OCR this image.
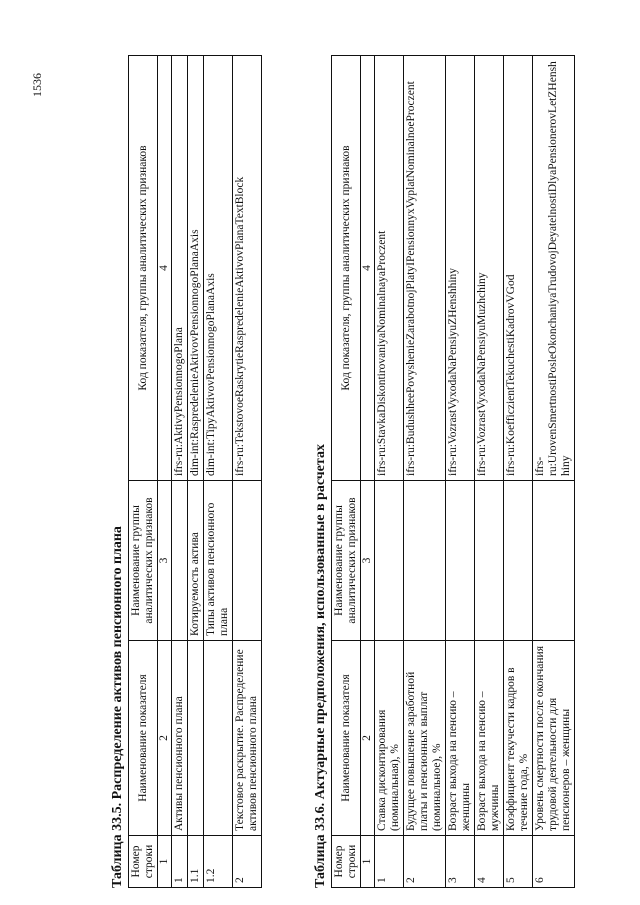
1536
Таблица 33.5. Распределение активов пенсионного плана Номер строки	Наименование показателя	Наименование группы аналитических признаков	Код показателя, группы аналитических признаков
1	2	3	4
1	Активы пенсионного плана		ifrs-ru:AktivyPensionnogoPlana
1.1		Котируемость актива	dim-int:RaspredelenieAktivovPensionnogoPlanaAxis
1.2		Типы активов пенсионного плана	dim-int:TipyAktivovPensionnogoPlanaAxis
2	Текстовое раскрытие. Распределение активов пенсионного плана		ifrs-ru:TekstovoeRaskrytieRaspredelenieAktivovPlanaTextBlock
Таблица 33.6. Актуарные предположения, использованные в расчетах Номер строки	Наименование показателя	Наименование группы аналитических признаков	Код показателя, группы аналитических признаков
1	2	3	4
1	Ставка дисконтирования (номинальная), %		ifrs-ru:StavkaDiskontirovaniyaNominalnayaProczent
2	Будущее повышение заработной платы и пенсионных выплат (номинальное), %		ifrs-ru:BudushheePovyshenieZarabotnojPlatyIPensionnyxVyplatNominalnoeProczent
3	Возраст выхода на пенсию – женщины		ifrs-ru:VozrastVyxodaNaPensiyuZHenshhiny
4	Возраст выхода на пенсию – мужчины		ifrs-ru:VozrastVyxodaNaPensiyuMuzhchiny
5	Коэффициент текучести кадров в течение года, %		ifrs-ru:KoefficzientTekuchestiKadrovVGod
6	Уровень смертности после окончания трудовой деятельности для пенсионеров – женщины		ifrs-ru:UrovenSmertnostiPosleOkonchaniyaTrudovojDeyatelnostiDlyaPensionerovLetZHenshhiny
